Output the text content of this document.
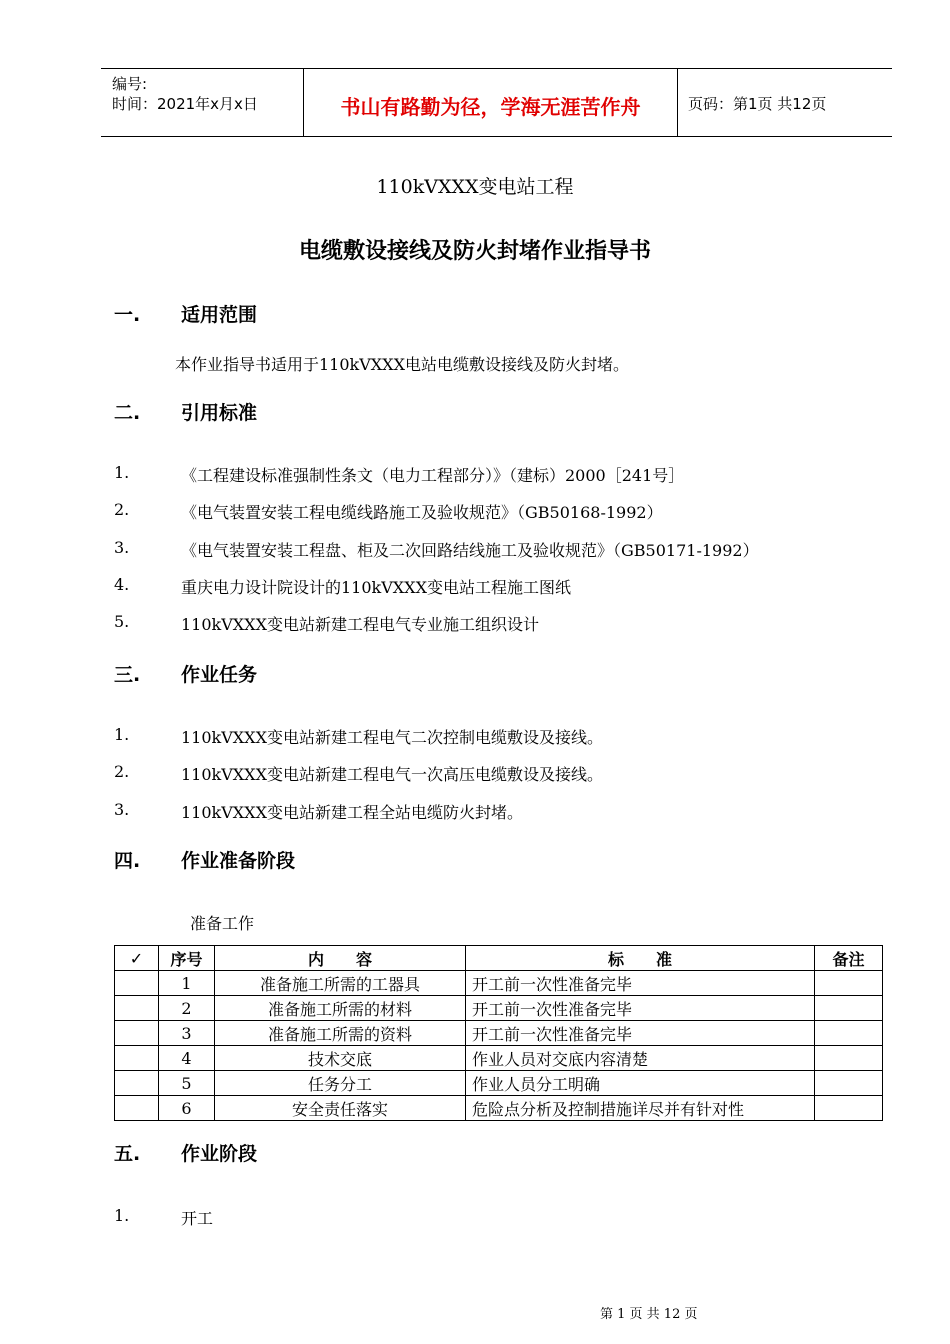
编号:
时间：2021年x月x日	书山有路勤为径，学海无涯苦作舟	页码：第1页 共12页
110kVXXX变电站工程
电缆敷设接线及防火封堵作业指导书
一. 适用范围
本作业指导书适用于110kVXXX电站电缆敷设接线及防火封堵。
二. 引用标准
1.	《工程建设标准强制性条文（电力工程部分）》（建标）2000［241号］
2.	《电气装置安装工程电缆线路施工及验收规范》（GB50168-1992）
3.	《电气装置安装工程盘、柜及二次回路结线施工及验收规范》（GB50171-1992）
4.	重庆电力设计院设计的110kVXXX变电站工程施工图纸
5.	110kVXXX变电站新建工程电气专业施工组织设计
三. 作业任务
1.	110kVXXX变电站新建工程电气二次控制电缆敷设及接线。
2.	110kVXXX变电站新建工程电气一次高压电缆敷设及接线。
3.	110kVXXX变电站新建工程全站电缆防火封堵。
四. 作业准备阶段
准备工作
✓	序号	内　　容	标　　准	备注
	1	准备施工所需的工器具	开工前一次性准备完毕	
	2	准备施工所需的材料	开工前一次性准备完毕	
	3	准备施工所需的资料	开工前一次性准备完毕	
	4	技术交底	作业人员对交底内容清楚	
	5	任务分工	作业人员分工明确	
	6	安全责任落实	危险点分析及控制措施详尽并有针对性	
五. 作业阶段
1.	开工
第 1 页 共 12 页
